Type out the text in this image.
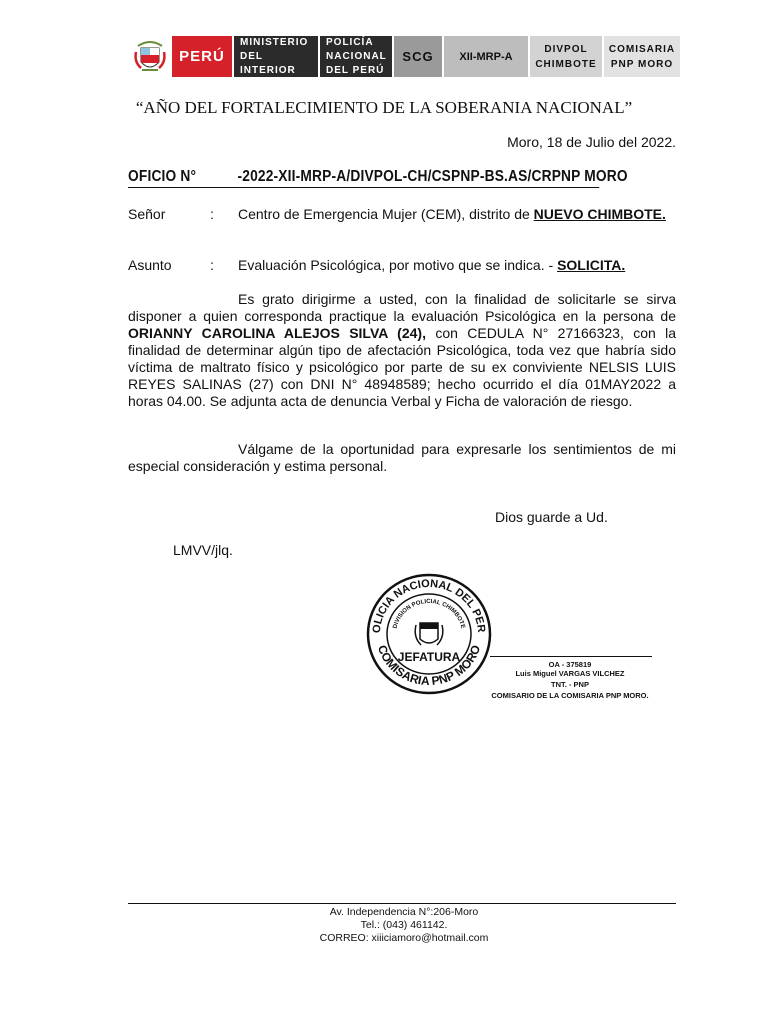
PERÚ
MINISTERIO
DEL
INTERIOR
POLICÍA
NACIONAL
DEL PERÚ
SCG XII-MRP-A
DIVPOL
CHIMBOTE
COMISARIA
PNP MORO
“AÑO DEL FORTALECIMIENTO DE LA SOBERANIA NACIONAL”
Moro, 18 de Julio del 2022.
OFICIO N°	-2022-XII-MRP-A/DIVPOL-CH/CSPNP-BS.AS/CRPNP MORO
Señor	: Centro de Emergencia Mujer (CEM), distrito de NUEVO CHIMBOTE.
Asunto	: Evaluación Psicológica, por motivo que se indica. - SOLICITA.
Es grato dirigirme a usted, con la finalidad de solicitarle se sirva disponer a quien corresponda practique la evaluación Psicológica en la persona de ORIANNY CAROLINA ALEJOS SILVA (24), con CEDULA N° 27166323, con la finalidad de determinar algún tipo de afectación Psicológica, toda vez que habría sido víctima de maltrato físico y psicológico por parte de su ex conviviente NELSIS LUIS REYES SALINAS (27) con DNI N° 48948589; hecho ocurrido el día 01MAY2022 a horas 04.00. Se adjunta acta de denuncia Verbal y Ficha de valoración de riesgo.
Válgame de la oportunidad para expresarle los sentimientos de mi especial consideración y estima personal.
Dios guarde a Ud.
LMVV/jlq.
OLICIA NACIONAL DEL PER
COMISARIA PNP MORO
DIVISION POLICIAL CHIMBOTE
JEFATURA
OA - 375819
Luis Miguel VARGAS VILCHEZ
TNT. - PNP
COMISARIO DE LA COMISARIA PNP MORO.
Av. Independencia N°:206-Moro
Tel.: (043) 461142.
CORREO: xiiiciamoro@hotmail.com
